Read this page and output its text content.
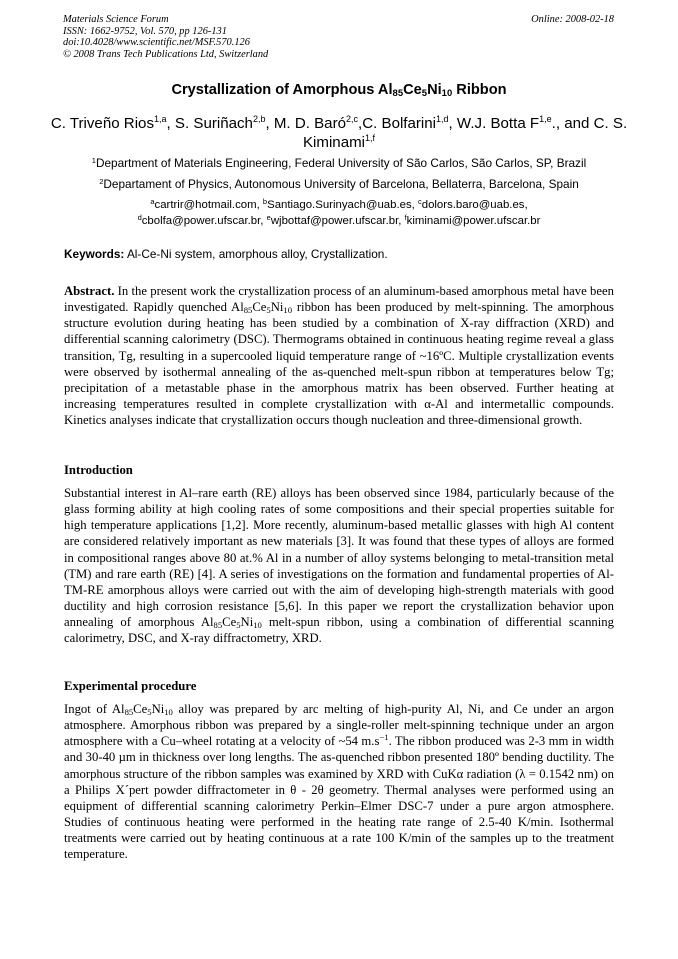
Materials Science Forum
ISSN: 1662-9752, Vol. 570, pp 126-131
doi:10.4028/www.scientific.net/MSF.570.126
© 2008 Trans Tech Publications Ltd, Switzerland
Online: 2008-02-18
Crystallization of Amorphous $Al_{85}Ce_5Ni_{10}$ Ribbon
C. Triveño Rios$^{1,a}$, S. Suriñach$^{2,b}$, M. D. Baró$^{2,c}$,C. Bolfarini$^{1,d}$, W.J. Botta F$^{1,e}$., and C. S. Kiminami$^{1,f}$
$^1$Department of Materials Engineering, Federal University of São Carlos, São Carlos, SP, Brazil
$^2$Departament of Physics, Autonomous University of Barcelona, Bellaterra, Barcelona, Spain
$^a$cartrir@hotmail.com, $^b$Santiago.Surinyach@uab.es, $^c$dolors.baro@uab.es,
$^d$cbolfa@power.ufscar.br, $^e$wjbottaf@power.ufscar.br, $^f$kiminami@power.ufscar.br
Keywords: Al-Ce-Ni system, amorphous alloy, Crystallization.
Abstract. In the present work the crystallization process of an aluminum-based amorphous metal have been investigated. Rapidly quenched $Al_{85}Ce_5Ni_{10}$ ribbon has been produced by melt-spinning. The amorphous structure evolution during heating has been studied by a combination of X-ray diffraction (XRD) and differential scanning calorimetry (DSC). Thermograms obtained in continuous heating regime reveal a glass transition, Tg, resulting in a supercooled liquid temperature range of ~16ºC. Multiple crystallization events were observed by isothermal annealing of the as-quenched melt-spun ribbon at temperatures below Tg; precipitation of a metastable phase in the amorphous matrix has been observed. Further heating at increasing temperatures resulted in complete crystallization with α-Al and intermetallic compounds. Kinetics analyses indicate that crystallization occurs though nucleation and three-dimensional growth.
Introduction
Substantial interest in Al–rare earth (RE) alloys has been observed since 1984, particularly because of the glass forming ability at high cooling rates of some compositions and their special properties suitable for high temperature applications [1,2]. More recently, aluminum-based metallic glasses with high Al content are considered relatively important as new materials [3]. It was found that these types of alloys are formed in compositional ranges above 80 at.% Al in a number of alloy systems belonging to metal-transition metal (TM) and rare earth (RE) [4]. A series of investigations on the formation and fundamental properties of Al-TM-RE amorphous alloys were carried out with the aim of developing high-strength materials with good ductility and high corrosion resistance [5,6]. In this paper we report the crystallization behavior upon annealing of amorphous $Al_{85}Ce_5Ni_{10}$ melt-spun ribbon, using a combination of differential scanning calorimetry, DSC, and X-ray diffractometry, XRD.
Experimental procedure
Ingot of $Al_{85}Ce_5Ni_{10}$ alloy was prepared by arc melting of high-purity Al, Ni, and Ce under an argon atmosphere. Amorphous ribbon was prepared by a single-roller melt-spinning technique under an argon atmosphere with a Cu–wheel rotating at a velocity of ~54 $m.s^{-1}$. The ribbon produced was 2-3 mm in width and 30-40 µm in thickness over long lengths. The as-quenched ribbon presented 180º bending ductility. The amorphous structure of the ribbon samples was examined by XRD with CuKα radiation (λ = 0.1542 nm) on a Philips X´pert powder diffractometer in θ - 2θ geometry. Thermal analyses were performed using an equipment of differential scanning calorimetry Perkin–Elmer DSC-7 under a pure argon atmosphere. Studies of continuous heating were performed in the heating rate range of 2.5-40 K/min. Isothermal treatments were carried out by heating continuous at a rate 100 K/min of the samples up to the treatment temperature.
